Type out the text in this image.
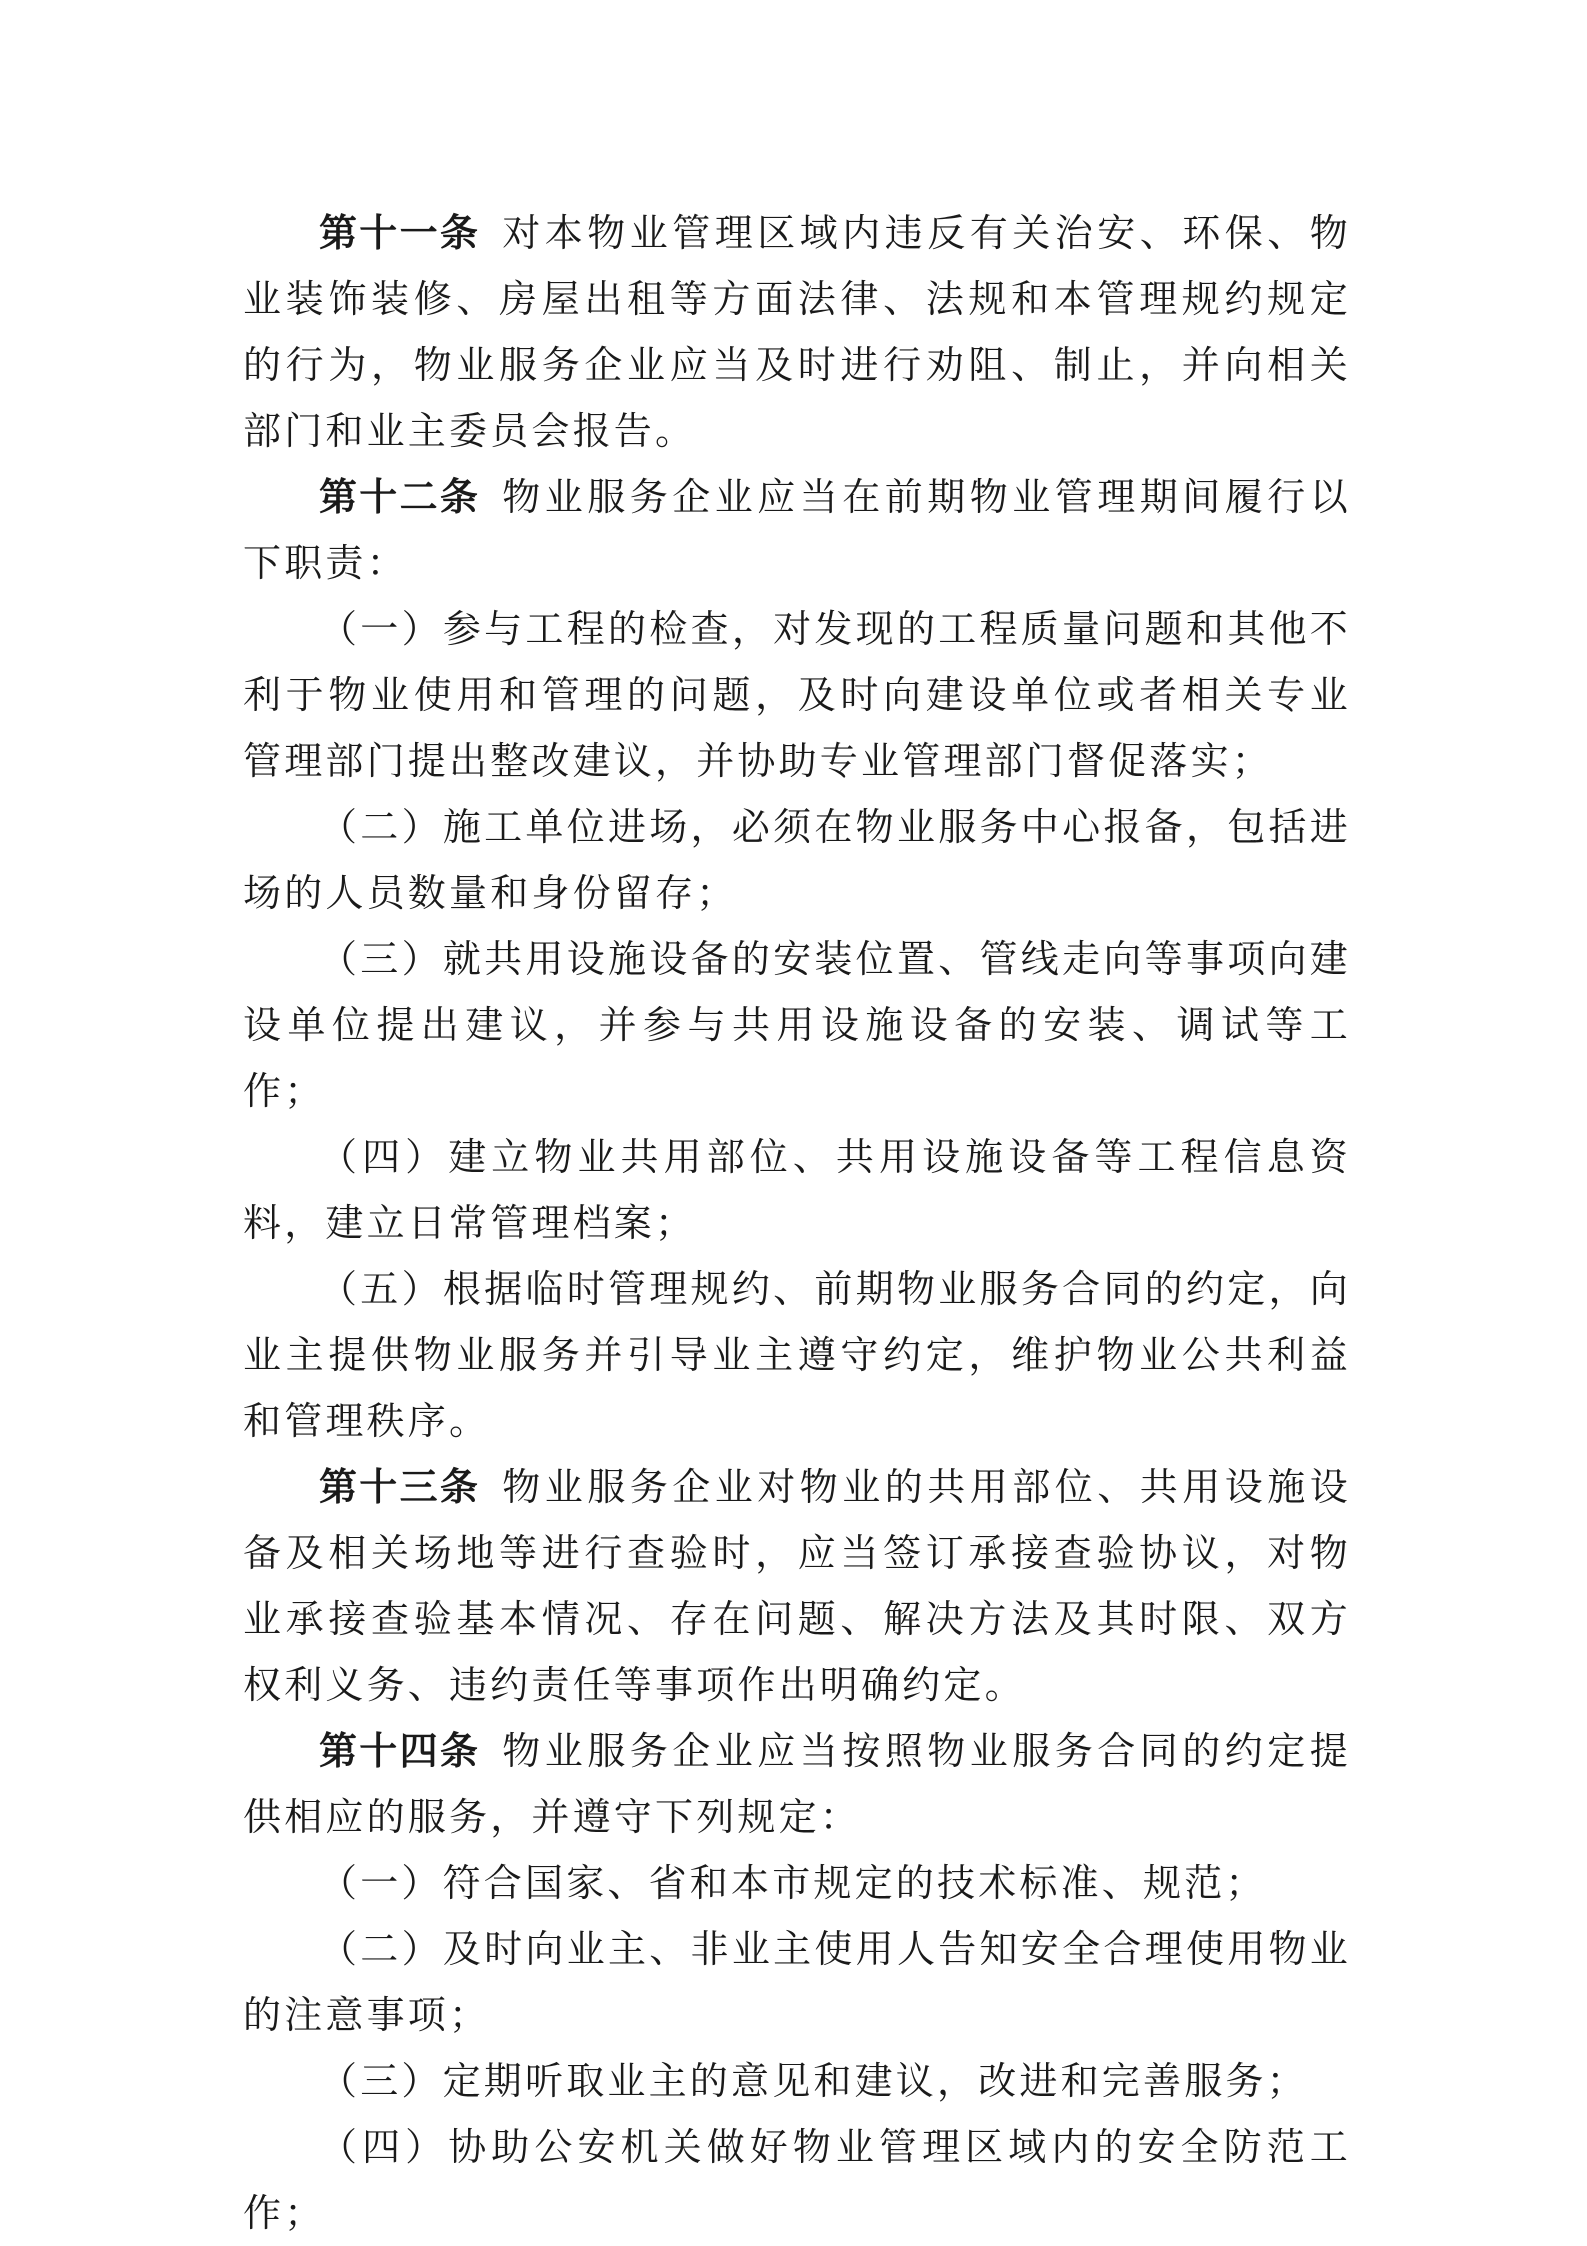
第十一条 对本物业管理区域内违反有关治安、环保、物业装饰装修、房屋出租等方面法律、法规和本管理规约规定的行为，物业服务企业应当及时进行劝阻、制止，并向相关部门和业主委员会报告。

第十二条 物业服务企业应当在前期物业管理期间履行以下职责：

（一）参与工程的检查，对发现的工程质量问题和其他不利于物业使用和管理的问题，及时向建设单位或者相关专业管理部门提出整改建议，并协助专业管理部门督促落实；

（二）施工单位进场，必须在物业服务中心报备，包括进场的人员数量和身份留存；

（三）就共用设施设备的安装位置、管线走向等事项向建设单位提出建议，并参与共用设施设备的安装、调试等工作；

（四）建立物业共用部位、共用设施设备等工程信息资料，建立日常管理档案；

（五）根据临时管理规约、前期物业服务合同的约定，向业主提供物业服务并引导业主遵守约定，维护物业公共利益和管理秩序。

第十三条 物业服务企业对物业的共用部位、共用设施设备及相关场地等进行查验时，应当签订承接查验协议，对物业承接查验基本情况、存在问题、解决方法及其时限、双方权利义务、违约责任等事项作出明确约定。

第十四条 物业服务企业应当按照物业服务合同的约定提供相应的服务，并遵守下列规定：

（一）符合国家、省和本市规定的技术标准、规范；

（二）及时向业主、非业主使用人告知安全合理使用物业的注意事项；

（三）定期听取业主的意见和建议，改进和完善服务；

（四）协助公安机关做好物业管理区域内的安全防范工作；
